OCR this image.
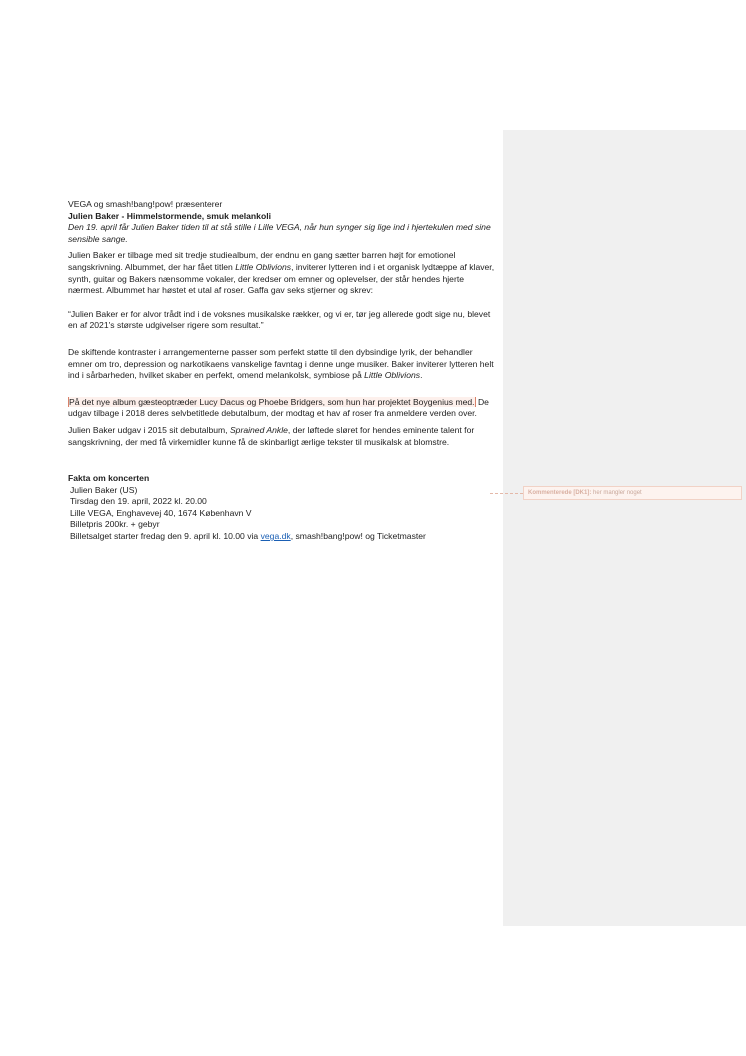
VEGA og smash!bang!pow! præsenterer

Julien Baker - Himmelstormende, smuk melankoli

Den 19. april får Julien Baker tiden til at stå stille i Lille VEGA, når hun synger sig lige ind i hjertekulen med sine sensible sange.

Julien Baker er tilbage med sit tredje studiealbum, der endnu en gang sætter barren højt for emotionel sangskrivning. Albummet, der har fået titlen Little Oblivions, inviterer lytteren ind i et organisk lydtæppe af klaver, synth, guitar og Bakers nænsomme vokaler, der kredser om emner og oplevelser, der står hendes hjerte nærmest. Albummet har høstet et utal af roser. Gaffa gav seks stjerner og skrev:

“Julien Baker er for alvor trådt ind i de voksnes musikalske rækker, og vi er, tør jeg allerede godt sige nu, blevet en af 2021's største udgivelser rigere som resultat.”

De skiftende kontraster i arrangementerne passer som perfekt støtte til den dybsindige lyrik, der behandler emner om tro, depression og narkotikaens vanskelige favntag i denne unge musiker. Baker inviterer lytteren helt ind i sårbarheden, hvilket skaber en perfekt, omend melankolsk, symbiose på Little Oblivions.

På det nye album gæsteoptræder Lucy Dacus og Phoebe Bridgers, som hun har projektet Boygenius med. De udgav tilbage i 2018 deres selvbetitlede debutalbum, der modtag et hav af roser fra anmeldere verden over.

Julien Baker udgav i 2015 sit debutalbum, Sprained Ankle, der løftede sløret for hendes eminente talent for sangskrivning, der med få virkemidler kunne få de skinbarligt ærlige tekster til musikalsk at blomstre.

Fakta om koncerten

Julien Baker (US)

Tirsdag den 19. april, 2022 kl. 20.00

Lille VEGA, Enghavevej 40, 1674 København V

Billetpris 200kr. + gebyr

Billetsalget starter fredag den 9. april kl. 10.00 via vega.dk, smash!bang!pow! og Ticketmaster

Kommenterede [DK1]: her mangler noget
